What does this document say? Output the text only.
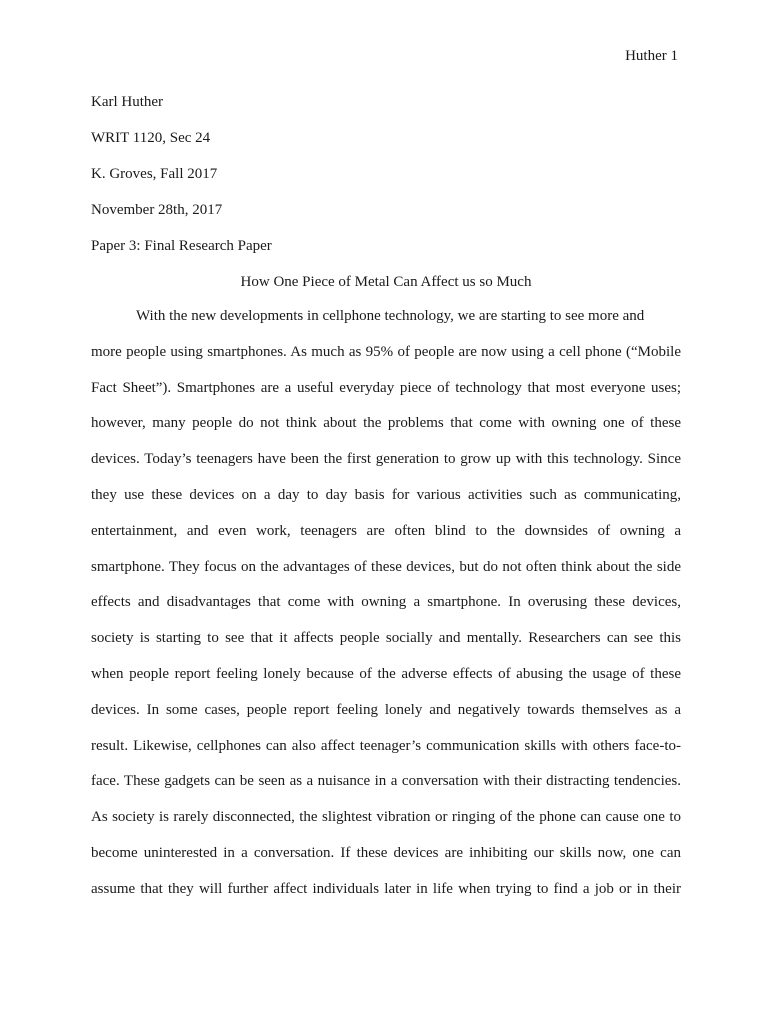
Huther 1
Karl Huther
WRIT 1120, Sec 24
K. Groves, Fall 2017
November 28th, 2017
Paper 3: Final Research Paper
How One Piece of Metal Can Affect us so Much
With the new developments in cellphone technology, we are starting to see more and
more people using smartphones. As much as 95% of people are now using a cell phone (“Mobile
Fact Sheet”). Smartphones are a useful everyday piece of technology that most everyone uses;
however, many people do not think about the problems that come with owning one of these
devices. Today’s teenagers have been the first generation to grow up with this technology. Since
they use these devices on a day to day basis for various activities such as communicating,
entertainment, and even work, teenagers are often blind to the downsides of owning a
smartphone. They focus on the advantages of these devices, but do not often think about the side
effects and disadvantages that come with owning a smartphone. In overusing these devices,
society is starting to see that it affects people socially and mentally. Researchers can see this
when people report feeling lonely because of the adverse effects of abusing the usage of these
devices. In some cases, people report feeling lonely and negatively towards themselves as a
result. Likewise, cellphones can also affect teenager’s communication skills with others face-to-
face. These gadgets can be seen as a nuisance in a conversation with their distracting tendencies.
As society is rarely disconnected, the slightest vibration or ringing of the phone can cause one to
become uninterested in a conversation. If these devices are inhibiting our skills now, one can
assume that they will further affect individuals later in life when trying to find a job or in their
